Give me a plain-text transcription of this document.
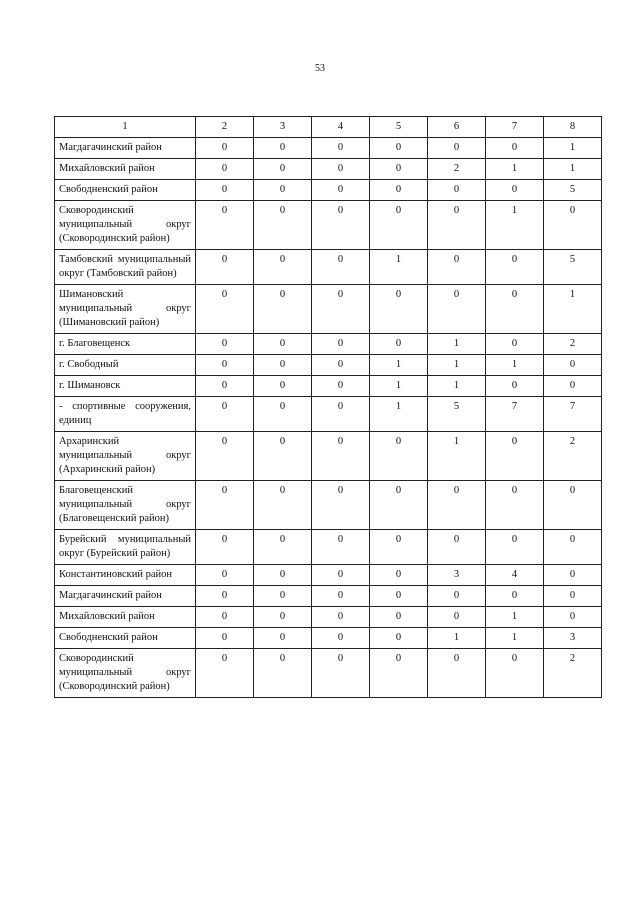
53
1	2	3	4	5	6	7	8
Магдагачинский район	0	0	0	0	0	0	1
Михайловский район	0	0	0	0	2	1	1
Свободненский район	0	0	0	0	0	0	5
Сковородинский муниципальный округ (Сковородинский район)	0	0	0	0	0	1	0
Тамбовский муниципальный округ (Тамбовский район)	0	0	0	1	0	0	5
Шимановский муниципальный округ (Шимановский район)	0	0	0	0	0	0	1
г. Благовещенск	0	0	0	0	1	0	2
г. Свободный	0	0	0	1	1	1	0
г. Шимановск	0	0	0	1	1	0	0
- спортивные сооружения, единиц	0	0	0	1	5	7	7
Архаринский муниципальный округ (Архаринский район)	0	0	0	0	1	0	2
Благовещенский муниципальный округ (Благовещенский район)	0	0	0	0	0	0	0
Бурейский муниципальный округ (Бурейский район)	0	0	0	0	0	0	0
Константиновский район	0	0	0	0	3	4	0
Магдагачинский район	0	0	0	0	0	0	0
Михайловский район	0	0	0	0	0	1	0
Свободненский район	0	0	0	0	1	1	3
Сковородинский муниципальный округ (Сковородинский район)	0	0	0	0	0	0	2
